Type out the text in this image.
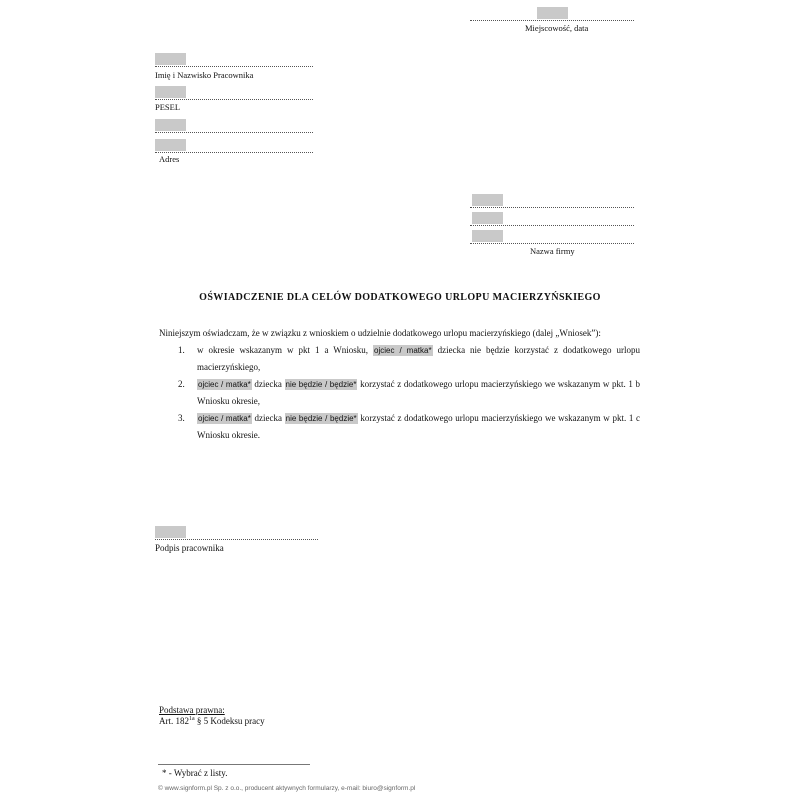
Miejscowość, data
Imię i Nazwisko Pracownika
PESEL
Adres
Nazwa firmy
OŚWIADCZENIE DLA CELÓW DODATKOWEGO URLOPU MACIERZYŃSKIEGO
Niniejszym oświadczam, że w związku z wnioskiem o udzielnie dodatkowego urlopu macierzyńskiego (dalej „Wniosek”):
1. w okresie wskazanym w pkt 1 a Wniosku, ojciec / matka* dziecka nie będzie korzystać z dodatkowego urlopu macierzyńskiego,
2. ojciec / matka* dziecka nie będzie / będzie* korzystać z dodatkowego urlopu macierzyńskiego we wskazanym w pkt. 1 b Wniosku okresie,
3. ojciec / matka* dziecka nie będzie / będzie* korzystać z dodatkowego urlopu macierzyńskiego we wskazanym w pkt. 1 c Wniosku okresie.
Podpis pracownika
Podstawa prawna:
Art. $182^{1a}$ § 5 Kodeksu pracy
* - Wybrać z listy.
© www.signform.pl Sp. z o.o., producent aktywnych formularzy, e-mail: biuro@signform.pl
